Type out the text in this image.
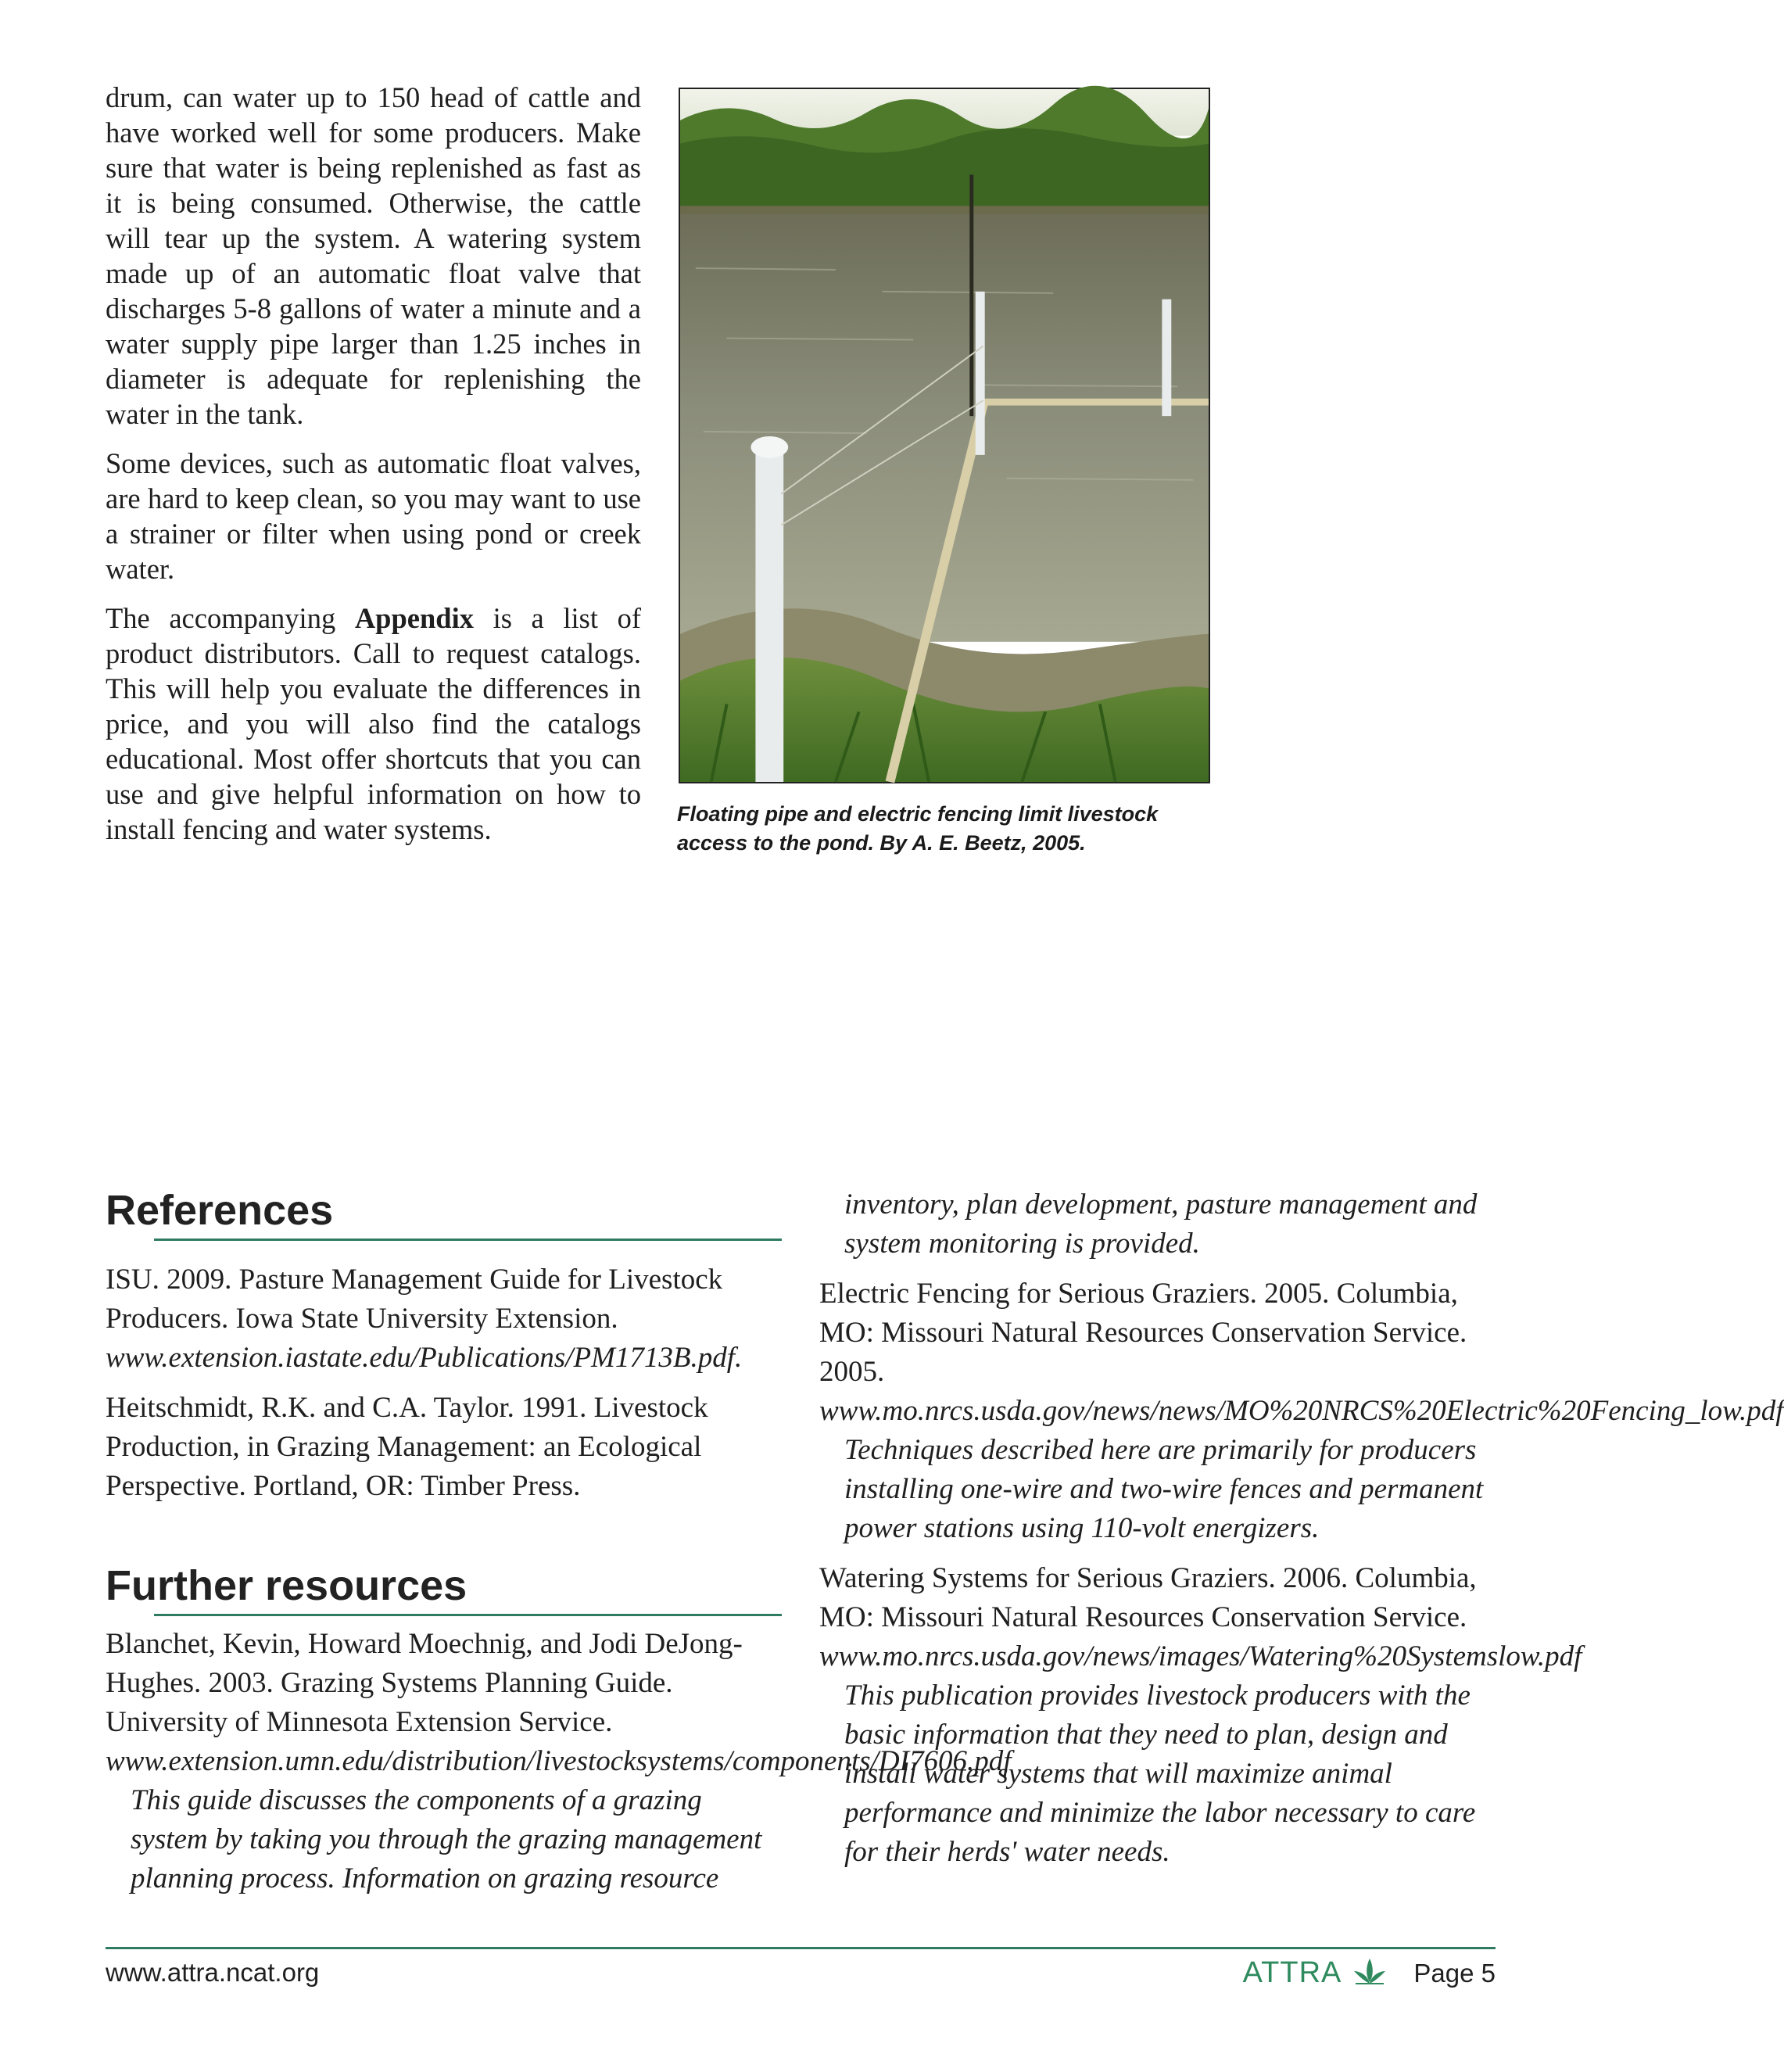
drum, can water up to 150 head of cattle and have worked well for some producers. Make sure that water is being replenished as fast as it is being consumed. Otherwise, the cattle will tear up the system. A watering system made up of an automatic float valve that discharges 5-8 gallons of water a minute and a water supply pipe larger than 1.25 inches in diameter is adequate for replenishing the water in the tank.

Some devices, such as automatic float valves, are hard to keep clean, so you may want to use a strainer or filter when using pond or creek water.

The accompanying Appendix is a list of product distributors. Call to request catalogs. This will help you evaluate the differences in price, and you will also find the catalogs educational. Most offer shortcuts that you can use and give helpful information on how to install fencing and water systems.	Floating pipe and electric fencing limit livestock access to the pond. By A. E. Beetz, 2005.
References

ISU. 2009. Pasture Management Guide for Livestock Producers. Iowa State University Extension. www.extension.iastate.edu/Publications/PM1713B.pdf.

Heitschmidt, R.K. and C.A. Taylor. 1991. Livestock Production, in Grazing Management: an Ecological Perspective. Portland, OR: Timber Press.

Further resources

Blanchet, Kevin, Howard Moechnig, and Jodi DeJong-Hughes. 2003. Grazing Systems Planning Guide. University of Minnesota Extension Service. www.extension.umn.edu/distribution/livestocksystems/components/DI7606.pdf

This guide discusses the components of a grazing system by taking you through the grazing management planning process. Information on grazing resource

inventory, plan development, pasture management and system monitoring is provided.

Electric Fencing for Serious Graziers. 2005. Columbia, MO: Missouri Natural Resources Conservation Service. 2005. www.mo.nrcs.usda.gov/news/news/MO%20NRCS%20Electric%20Fencing_low.pdf

Techniques described here are primarily for producers installing one-wire and two-wire fences and permanent power stations using 110-volt energizers.

Watering Systems for Serious Graziers. 2006. Columbia, MO: Missouri Natural Resources Conservation Service. www.mo.nrcs.usda.gov/news/images/Watering%20Systemslow.pdf

This publication provides livestock producers with the basic information that they need to plan, design and install water systems that will maximize animal performance and minimize the labor necessary to care for their herds' water needs.

www.attra.ncat.org	ATTRA	Page 5
